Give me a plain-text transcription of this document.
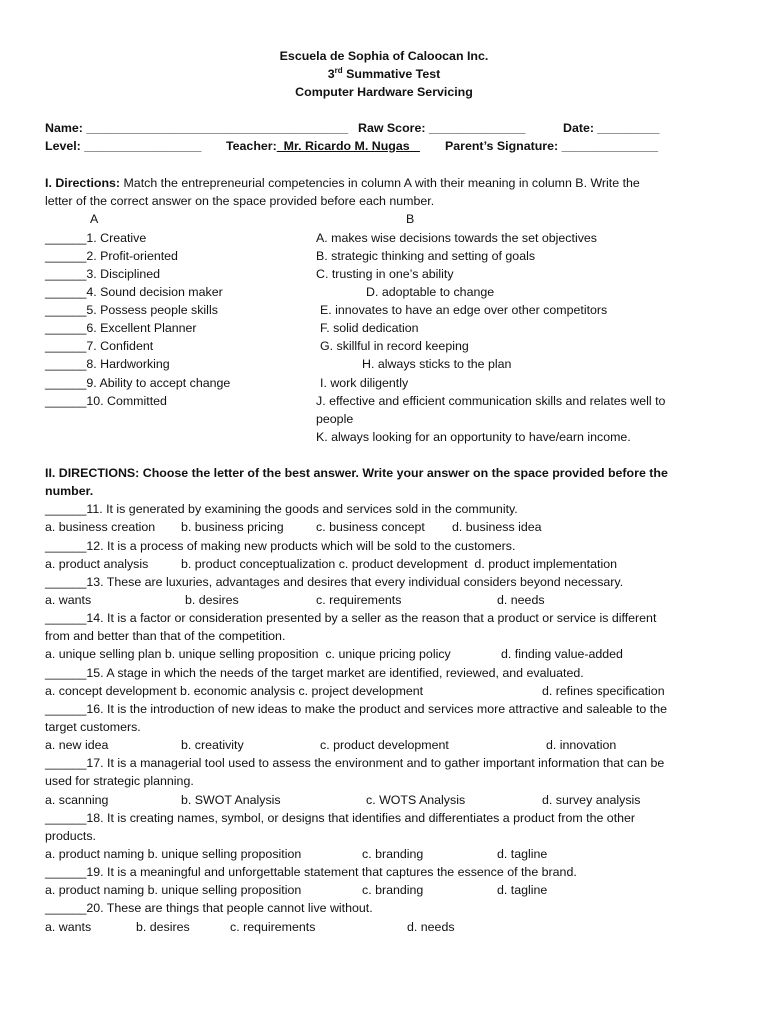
Escuela de Sophia of Caloocan Inc.
3rd Summative Test
Computer Hardware Servicing
Name: ______________________________________ Raw Score: ______________	Date: _________
Level: _________________ Teacher:  Mr. Ricardo M. Nugas Parent’s Signature: ______________
I. Directions: Match the entrepreneurial competencies in column A with their meaning in column B. Write the
letter of the correct answer on the space provided before each number.
A	B
______1. Creative
______2. Profit-oriented
______3. Disciplined
______4. Sound decision maker
______5. Possess people skills
______6. Excellent Planner
______7. Confident
______8. Hardworking
______9. Ability to accept change
______10. Committed
A. makes wise decisions towards the set objectives
B. strategic thinking and setting of goals
C. trusting in one’s ability
D. adoptable to change
E. innovates to have an edge over other competitors
F. solid dedication
G. skillful in record keeping
H. always sticks to the plan
I. work diligently
J. effective and efficient communication skills and relates well to
people
K. always looking for an opportunity to have/earn income.
II. DIRECTIONS: Choose the letter of the best answer. Write your answer on the space provided before the
number.
______11. It is generated by examining the goods and services sold in the community.
a. business creation b. business pricing	c. business concept d. business idea
______12. It is a process of making new products which will be sold to the customers.
a. product analysis	b. product conceptualization c. product development  d. product implementation
______13. These are luxuries, advantages and desires that every individual considers beyond necessary.
a. wants	b. desires	c. requirements	d. needs
______14. It is a factor or consideration presented by a seller as the reason that a product or service is different
from and better than that of the competition.
a. unique selling plan b. unique selling proposition  c. unique pricing policy	d. finding value-added
______15. A stage in which the needs of the target market are identified, reviewed, and evaluated.
a. concept development b. economic analysis c. project development	d. refines specification
______16. It is the introduction of new ideas to make the product and services more attractive and saleable to the
target customers.
a. new idea	b. creativity	c. product development	d. innovation
______17. It is a managerial tool used to assess the environment and to gather important information that can be
used for strategic planning.
a. scanning	b. SWOT Analysis	c. WOTS Analysis	d. survey analysis
______18. It is creating names, symbol, or designs that identifies and differentiates a product from the other
products.
a. product naming b. unique selling proposition	c. branding	d. tagline
______19. It is a meaningful and unforgettable statement that captures the essence of the brand.
a. product naming b. unique selling proposition	c. branding	d. tagline
______20. These are things that people cannot live without.
a. wants	b. desires	c. requirements	d. needs
